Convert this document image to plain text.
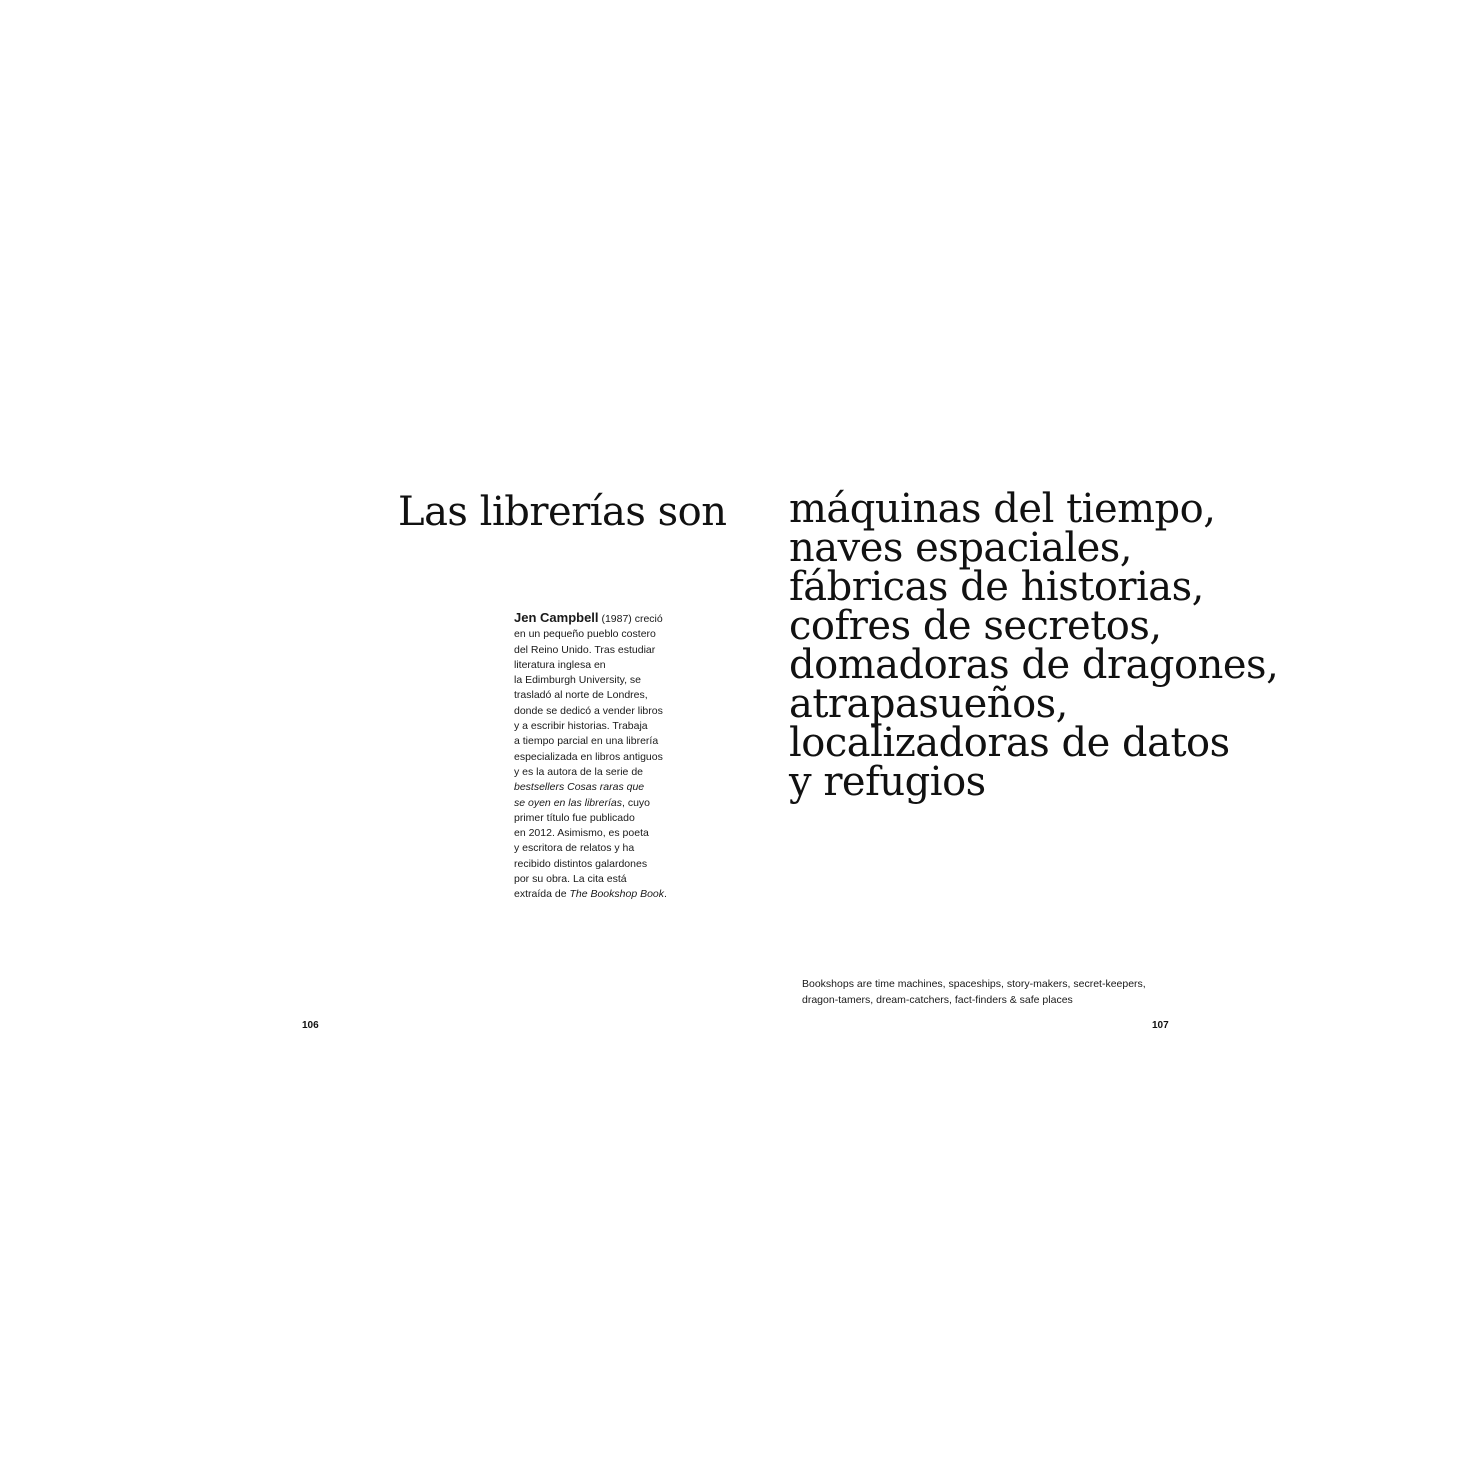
Las librerías son
Jen Campbell (1987) creció
en un pequeño pueblo costero
del Reino Unido. Tras estudiar
literatura inglesa en
la Edimburgh University, se
trasladó al norte de Londres,
donde se dedicó a vender libros
y a escribir historias. Trabaja
a tiempo parcial en una librería
especializada en libros antiguos
y es la autora de la serie de
bestsellers Cosas raras que
se oyen en las librerías, cuyo
primer título fue publicado
en 2012. Asimismo, es poeta
y escritora de relatos y ha
recibido distintos galardones
por su obra. La cita está
extraída de The Bookshop Book.
106
máquinas del tiempo,
naves espaciales,
fábricas de historias,
cofres de secretos,
domadoras de dragones,
atrapasueños,
localizadoras de datos
y refugios
Bookshops are time machines, spaceships, story-makers, secret-keepers,
dragon-tamers, dream-catchers, fact-finders & safe places
107
